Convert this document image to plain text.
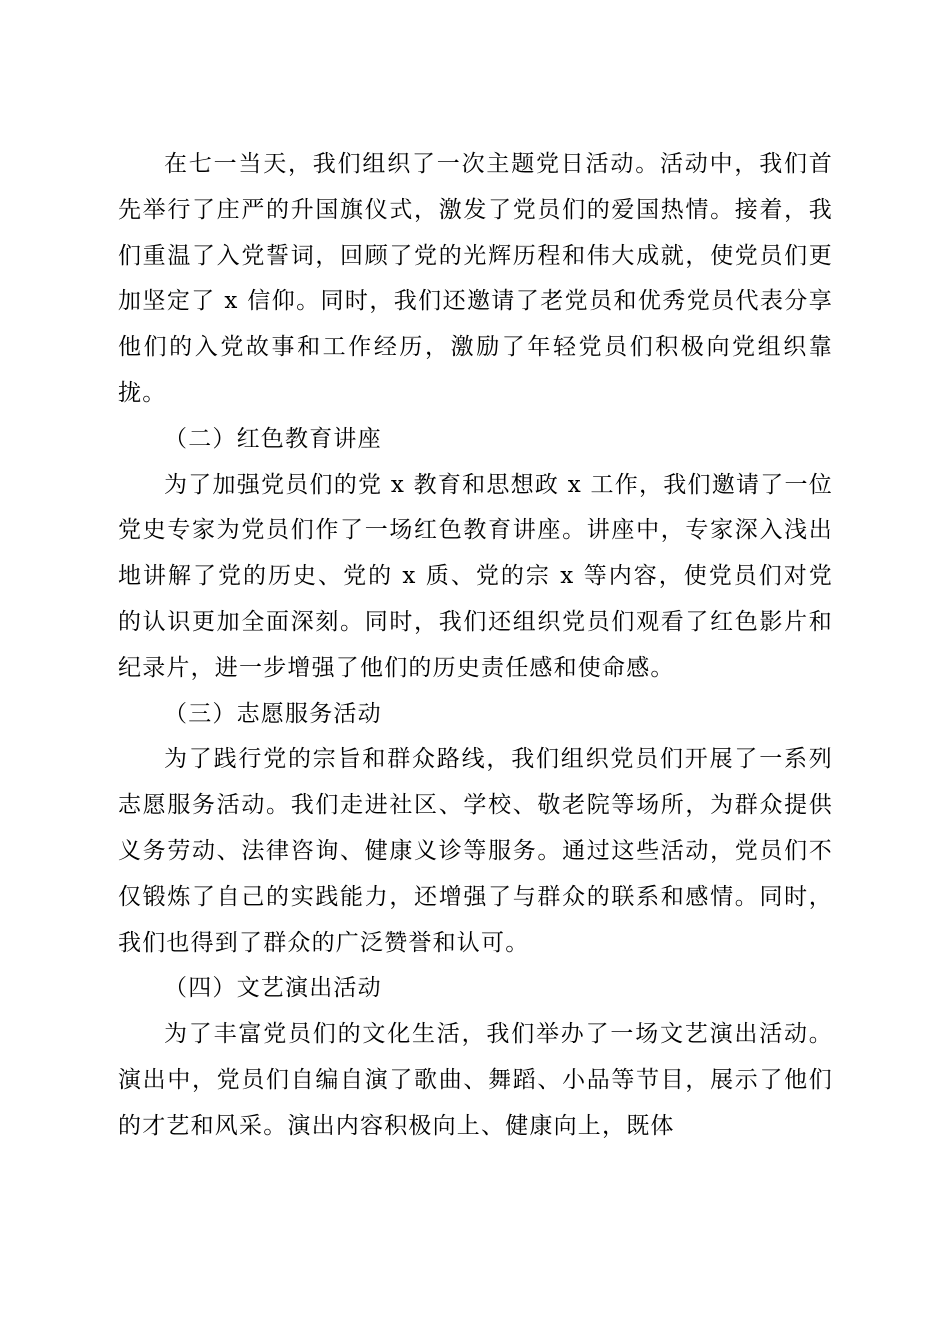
在七一当天，我们组织了一次主题党日活动。活动中，我们首先举行了庄严的升国旗仪式，激发了党员们的爱国热情。接着，我们重温了入党誓词，回顾了党的光辉历程和伟大成就，使党员们更加坚定了 x 信仰。同时，我们还邀请了老党员和优秀党员代表分享他们的入党故事和工作经历，激励了年轻党员们积极向党组织靠拢。

（二）红色教育讲座

为了加强党员们的党 x 教育和思想政 x 工作，我们邀请了一位党史专家为党员们作了一场红色教育讲座。讲座中，专家深入浅出地讲解了党的历史、党的 x 质、党的宗 x 等内容，使党员们对党的认识更加全面深刻。同时，我们还组织党员们观看了红色影片和纪录片，进一步增强了他们的历史责任感和使命感。

（三）志愿服务活动

为了践行党的宗旨和群众路线，我们组织党员们开展了一系列志愿服务活动。我们走进社区、学校、敬老院等场所，为群众提供义务劳动、法律咨询、健康义诊等服务。通过这些活动，党员们不仅锻炼了自己的实践能力，还增强了与群众的联系和感情。同时，我们也得到了群众的广泛赞誉和认可。

（四）文艺演出活动

为了丰富党员们的文化生活，我们举办了一场文艺演出活动。演出中，党员们自编自演了歌曲、舞蹈、小品等节目，展示了他们的才艺和风采。演出内容积极向上、健康向上，既体
